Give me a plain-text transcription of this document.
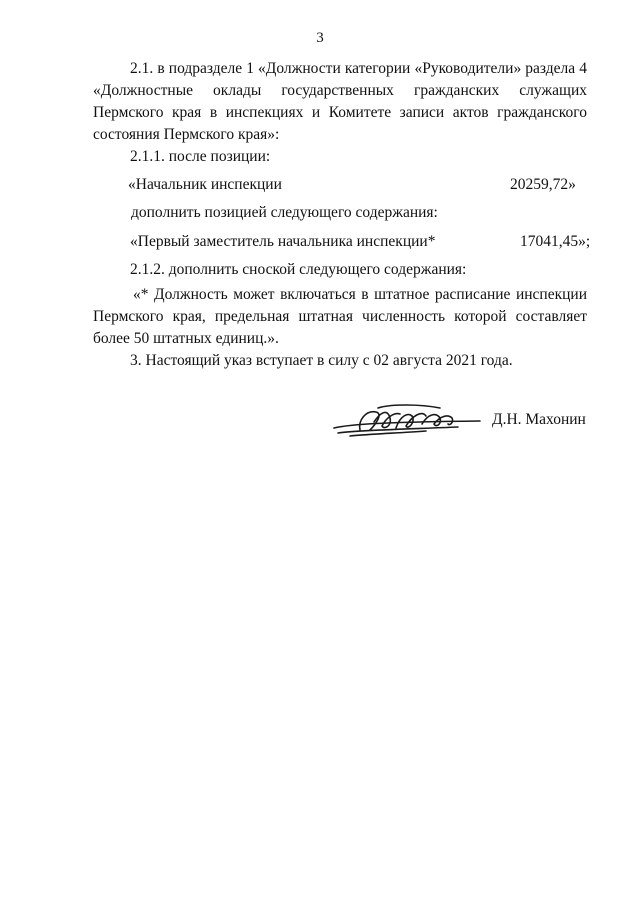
3

2.1. в подразделе 1 «Должности категории «Руководители» раздела 4 «Должностные оклады государственных гражданских служащих Пермского края в инспекциях и Комитете записи актов гражданского состояния Пермского края»:

2.1.1. после позиции:

«Начальник инспекции	20259,72»

дополнить позицией следующего содержания:

«Первый заместитель начальника инспекции*	17041,45»;

2.1.2. дополнить сноской следующего содержания:

«* Должность может включаться в штатное расписание инспекции Пермского края, предельная штатная численность которой составляет более 50 штатных единиц.».

3. Настоящий указ вступает в силу с 02 августа 2021 года.

Д.Н. Махонин
